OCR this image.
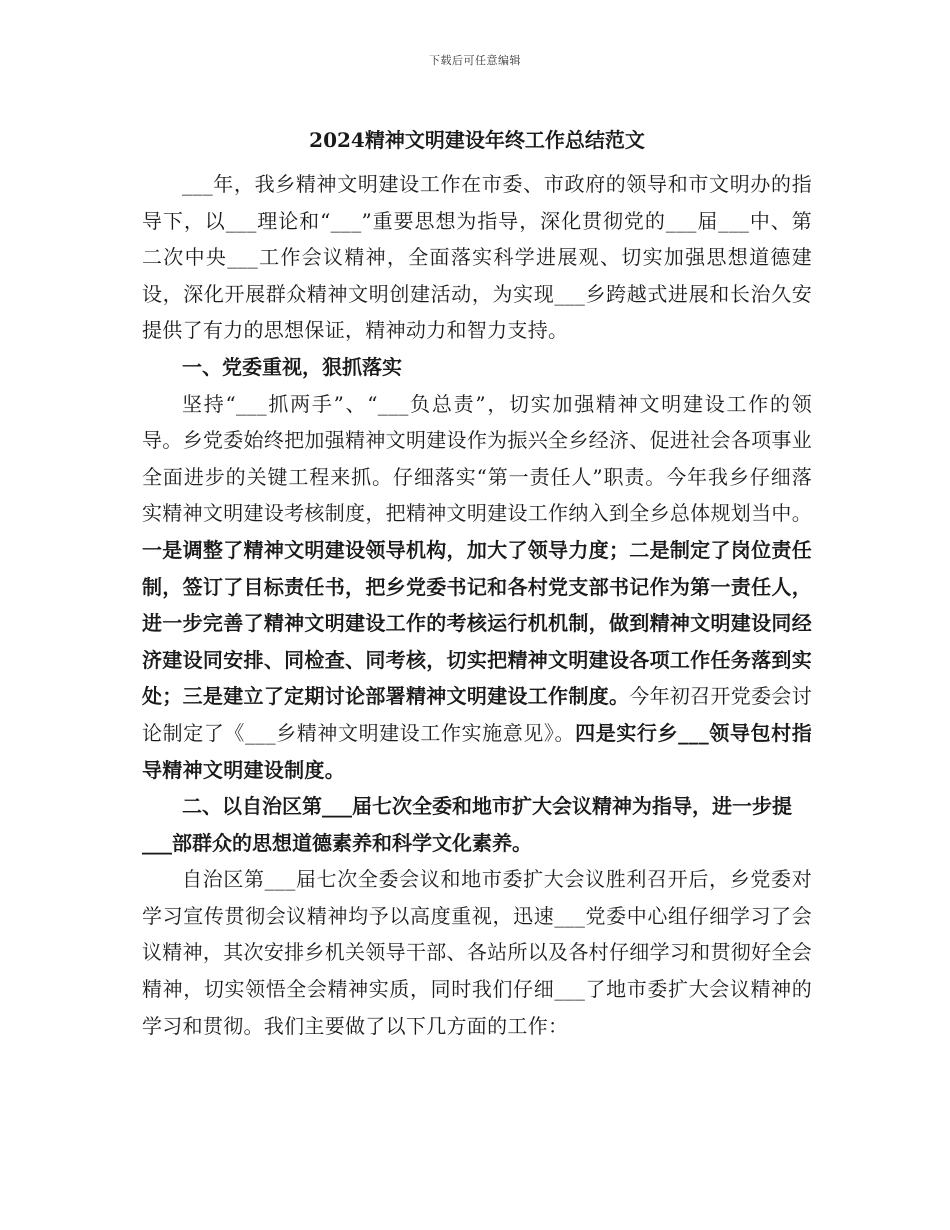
下载后可任意编辑
2024精神文明建设年终工作总结范文

___年，我乡精神文明建设工作在市委、市政府的领导和市文明办的指导下，以___理论和“___”重要思想为指导，深化贯彻党的___届___中、第二次中央___工作会议精神，全面落实科学进展观、切实加强思想道德建设，深化开展群众精神文明创建活动，为实现___乡跨越式进展和长治久安提供了有力的思想保证，精神动力和智力支持。

一、党委重视，狠抓落实

坚持“___抓两手”、“___负总责”，切实加强精神文明建设工作的领导。乡党委始终把加强精神文明建设作为振兴全乡经济、促进社会各项事业全面进步的关键工程来抓。仔细落实“第一责任人”职责。今年我乡仔细落实精神文明建设考核制度，把精神文明建设工作纳入到全乡总体规划当中。一是调整了精神文明建设领导机构，加大了领导力度；二是制定了岗位责任制，签订了目标责任书，把乡党委书记和各村党支部书记作为第一责任人，进一步完善了精神文明建设工作的考核运行机机制，做到精神文明建设同经济建设同安排、同检查、同考核，切实把精神文明建设各项工作任务落到实处；三是建立了定期讨论部署精神文明建设工作制度。今年初召开党委会讨论制定了《___乡精神文明建设工作实施意见》。四是实行乡___领导包村指导精神文明建设制度。

二、以自治区第___届七次全委和地市扩大会议精神为指导，进一步提___部群众的思想道德素养和科学文化素养。

自治区第___届七次全委会议和地市委扩大会议胜利召开后，乡党委对学习宣传贯彻会议精神均予以高度重视，迅速___党委中心组仔细学习了会议精神，其次安排乡机关领导干部、各站所以及各村仔细学习和贯彻好全会精神，切实领悟全会精神实质，同时我们仔细___了地市委扩大会议精神的学习和贯彻。我们主要做了以下几方面的工作：
